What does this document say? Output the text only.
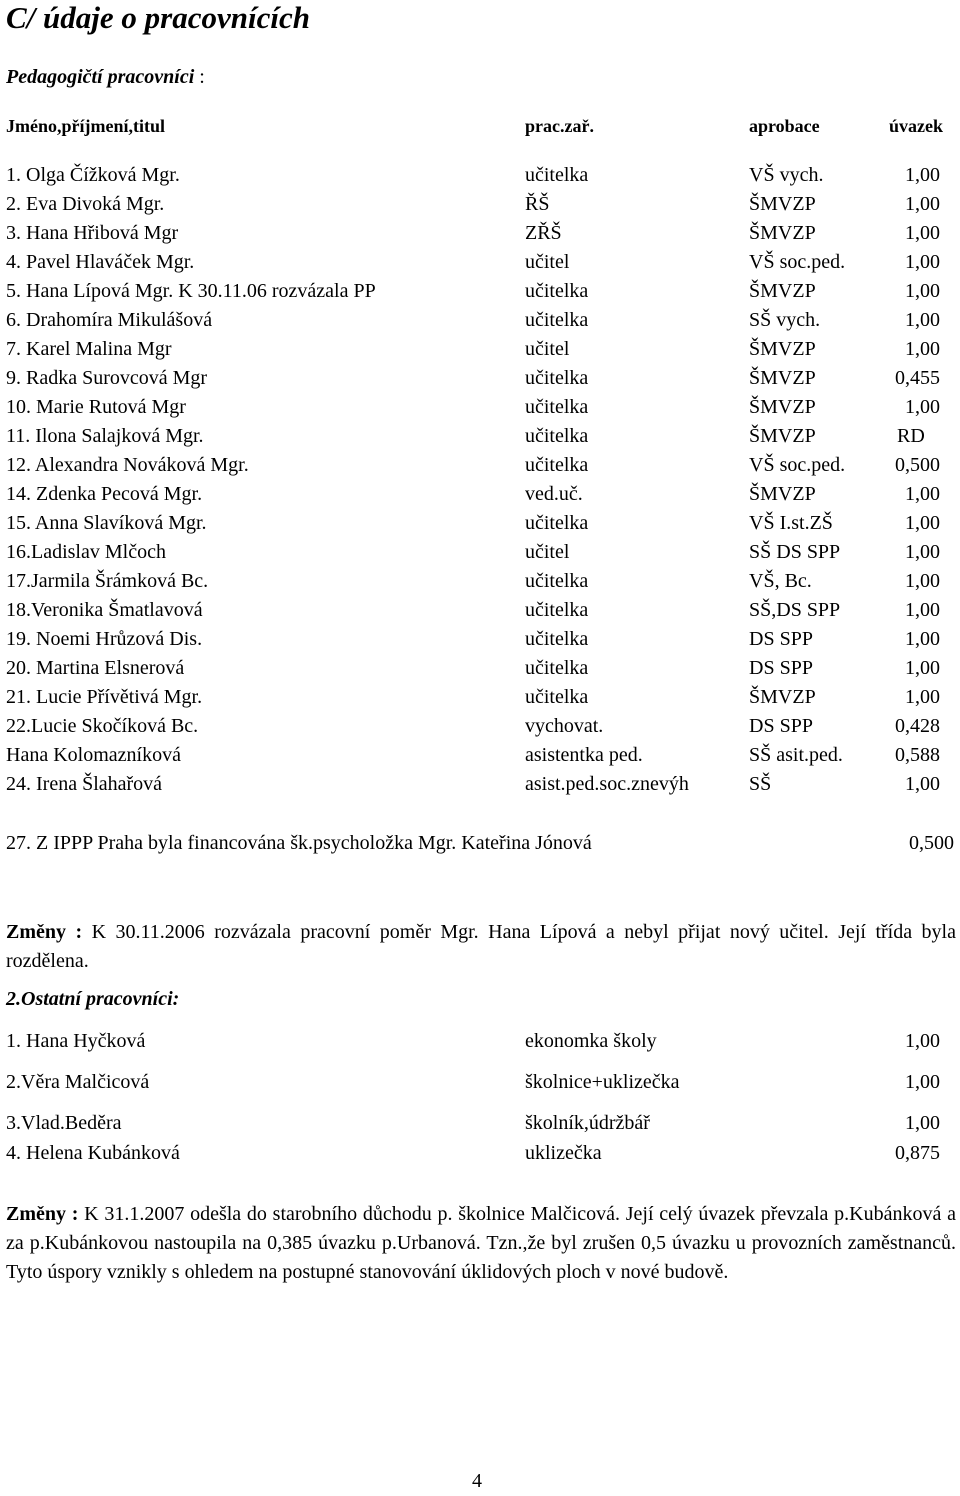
C/ údaje o pracovnících
Pedagogičtí pracovníci :
Jméno,příjmení,titul	prac.zař.	aprobace	úvazek
1. Olga Čížková Mgr.	učitelka	VŠ vych.	1,00
2. Eva Divoká Mgr.	ŘŠ	ŠMVZP	1,00
3. Hana Hřibová Mgr	ZŘŠ	ŠMVZP	1,00
4. Pavel Hlaváček Mgr.	učitel	VŠ soc.ped.	1,00
5. Hana Lípová Mgr. K 30.11.06 rozvázala PP	učitelka	ŠMVZP	1,00
6. Drahomíra Mikulášová	učitelka	SŠ vych.	1,00
7. Karel Malina Mgr	učitel	ŠMVZP	1,00
9. Radka Surovcová Mgr	učitelka	ŠMVZP	0,455
10. Marie Rutová Mgr	učitelka	ŠMVZP	1,00
11. Ilona Salajková Mgr.	učitelka	ŠMVZP	RD
12. Alexandra Nováková Mgr.	učitelka	VŠ soc.ped.	0,500
14. Zdenka Pecová Mgr.	ved.uč.	ŠMVZP	1,00
15. Anna Slavíková Mgr.	učitelka	VŠ I.st.ZŠ	1,00
16.Ladislav Mlčoch	učitel	SŠ DS SPP	1,00
17.Jarmila Šrámková Bc.	učitelka	VŠ, Bc.	1,00
18.Veronika Šmatlavová	učitelka	SŠ,DS SPP	1,00
19. Noemi Hrůzová Dis.	učitelka	DS SPP	1,00
20. Martina Elsnerová	učitelka	DS SPP	1,00
21. Lucie Přívětivá Mgr.	učitelka	ŠMVZP	1,00
22.Lucie Skočíková Bc.	vychovat.	DS SPP	0,428
Hana Kolomazníková	asistentka ped.	SŠ asit.ped.	0,588
24. Irena Šlahařová	asist.ped.soc.znevýh	SŠ	1,00
27. Z IPPP Praha byla financována šk.psycholožka Mgr. Kateřina Jónová	0,500
Změny : K 30.11.2006 rozvázala pracovní poměr Mgr. Hana Lípová a nebyl přijat nový učitel. Její třída byla rozdělena.
2.Ostatní pracovníci:
1. Hana Hyčková	ekonomka školy	1,00
2.Věra Malčicová	školnice+uklizečka	1,00
3.Vlad.Beděra	školník,údržbář	1,00
4. Helena Kubánková	uklizečka	0,875
Změny : K 31.1.2007 odešla do starobního důchodu p. školnice Malčicová. Její celý úvazek převzala p.Kubánková a za p.Kubánkovou nastoupila na 0,385 úvazku p.Urbanová. Tzn.,že byl zrušen 0,5 úvazku u provozních zaměstnanců. Tyto úspory vznikly s ohledem na postupné stanovování úklidových ploch v nové budově.
4
